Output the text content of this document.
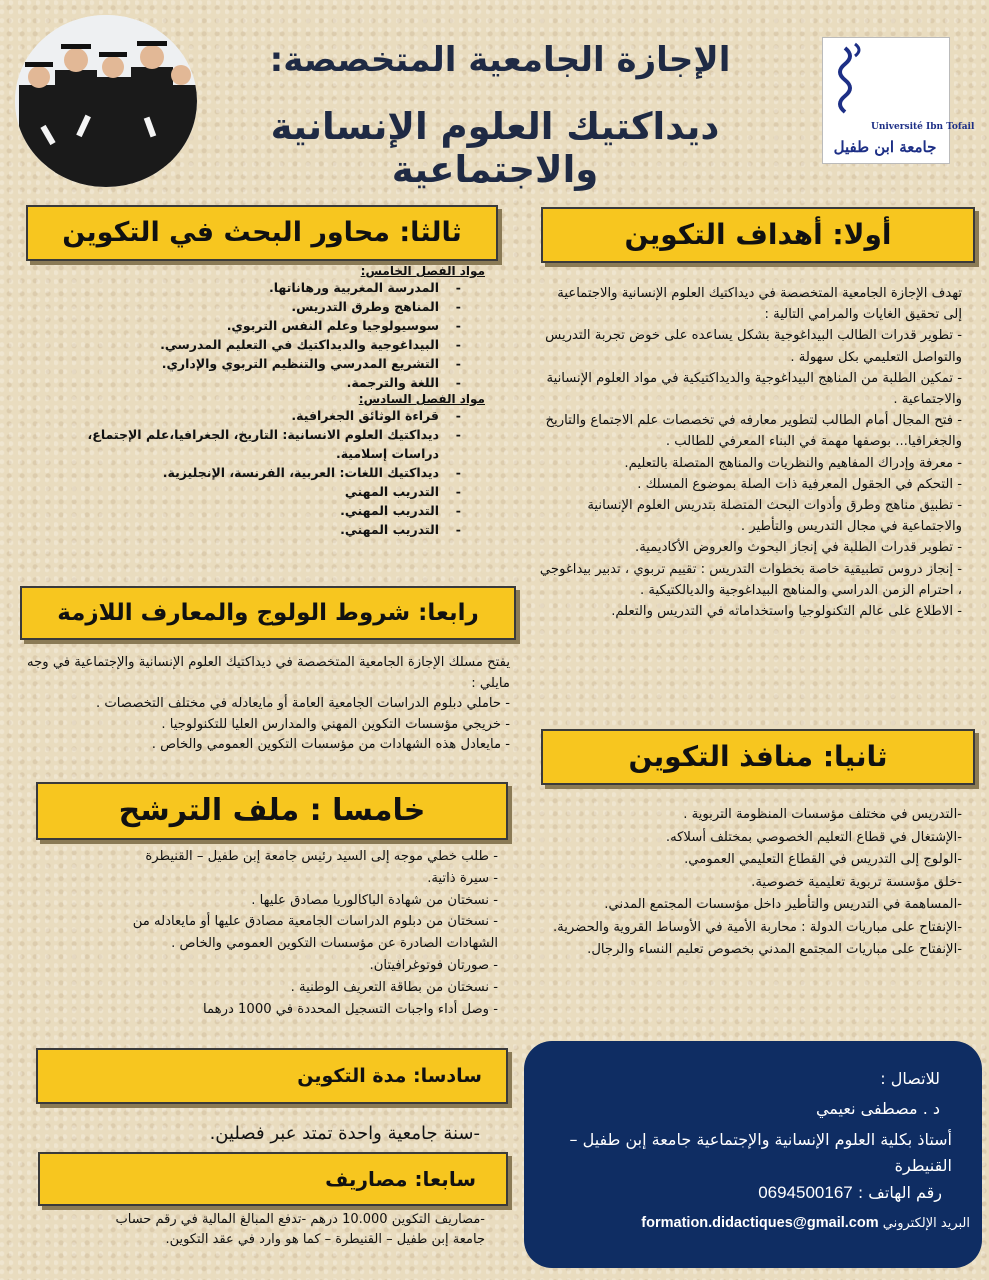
Université Ibn Tofail
جامعة ابن طفيل
الإجازة الجامعية المتخصصة:
ديداكتيك العلوم الإنسانية والاجتماعية
أولا: أهداف التكوين

تهدف الإجازة الجامعية المتخصصة في ديداكتيك العلوم الإنسانية والاجتماعية إلى تحقيق الغايات والمرامي التالية :

- تطوير قدرات الطالب البيداغوجية بشكل يساعده على خوض تجربة التدريس والتواصل التعليمي بكل سهولة .

- تمكين الطلبة من المناهج البيداغوجية والديداكتيكية في مواد العلوم الإنسانية والاجتماعية .

- فتح المجال أمام الطالب لتطوير معارفه في تخصصات علم الاجتماع والتاريخ والجغرافيا... بوصفها مهمة في البناء المعرفي للطالب .

- معرفة وإدراك المفاهيم والنظريات والمناهج المتصلة بالتعليم.

- التحكم في الحقول المعرفية ذات الصلة بموضوع المسلك .

- تطبيق مناهج وطرق وأدوات البحث المتصلة بتدريس العلوم الإنسانية والاجتماعية في مجال التدريس والتأطير .

- تطوير قدرات الطلبة في إنجاز البحوث والعروض الأكاديمية.

- إنجاز دروس تطبيقية خاصة بخطوات التدريس : تقييم تربوي ، تدبير بيداغوجي ، احترام الزمن الدراسي والمناهج البيداغوجية والديالكتيكية .

- الاطلاع على عالم التكنولوجيا واستخداماته في التدريس والتعلم.

ثانيا: منافذ التكوين

-التدريس في مختلف مؤسسات المنظومة التربوية .

-الإشتغال في قطاع التعليم الخصوصي بمختلف أسلاكه.

-الولوج إلى التدريس في القطاع التعليمي العمومي.

-خلق مؤسسة تربوية تعليمية خصوصية.

-المساهمة في التدريس والتأطير داخل مؤسسات المجتمع المدني.

-الإنفتاح على مباريات الدولة : محاربة الأمية في الأوساط القروية والحضرية.

-الإنفتاح على مباريات المجتمع المدني بخصوص تعليم النساء والرجال.

ثالثا: محاور البحث في التكوين
مواد الفصل الخامس:
- المدرسة المغربية ورهاناتها.
- المناهج وطرق التدريس.
- سوسيولوجيا وعلم النفس التربوي.
- البيداغوجية والديداكتيك في التعليم المدرسي.
- التشريع المدرسي والتنظيم التربوي والإداري.
- اللغة والترجمة.
مواد الفصل السادس:
- قراءة الوثائق الجغرافية.
- ديداكتيك العلوم الانسانية: التاريخ، الجغرافيا،علم الإجتماع، دراسات إسلامية.
- ديداكتيك اللغات: العربية، الفرنسة، الإنجليزية.
- التدريب المهني
- التدريب المهني.
- التدريب المهني.
رابعا: شروط الولوج والمعارف اللازمة

يفتح مسلك الإجازة الجامعية المتخصصة في ديداكتيك العلوم الإنسانية والإجتماعية في وجه مايلي :

- حاملي دبلوم الدراسات الجامعية العامة أو مايعادله في مختلف التخصصات .

- خريجي مؤسسات التكوين المهني والمدارس العليا للتكنولوجيا .

- مايعادل هذه الشهادات من مؤسسات التكوين العمومي والخاص .

خامسا : ملف الترشح

- طلب خطي موجه إلى السيد رئيس جامعة إبن طفيل – القنيطرة

- سيرة ذاتية.

- نسختان من شهادة الباكالوريا مصادق عليها .

- نسختان من دبلوم الدراسات الجامعية مصادق عليها أو مايعادله من الشهادات الصادرة عن مؤسسات التكوين العمومي والخاص .

- صورتان فوتوغرافيتان.

- نسختان من بطاقة التعريف الوطنية .

- وصل أداء واجبات التسجيل المحددة في 1000 درهما

سادسا: مدة التكوين
-سنة جامعية واحدة تمتد عبر فصلين.
سابعا: مصاريف
-مصاريف التكوين 10.000 درهم -تدفع المبالغ المالية في رقم حساب جامعة إبن طفيل – القنيطرة – كما هو وارد في عقد التكوين.
للاتصال :
د . مصطفى نعيمي
أستاذ بكلية العلوم الإنسانية والإجتماعية جامعة إبن طفيل – القنيطرة
رقم الهاتف : 0694500167
البريد الإلكتروني formation.didactiques@gmail.com
